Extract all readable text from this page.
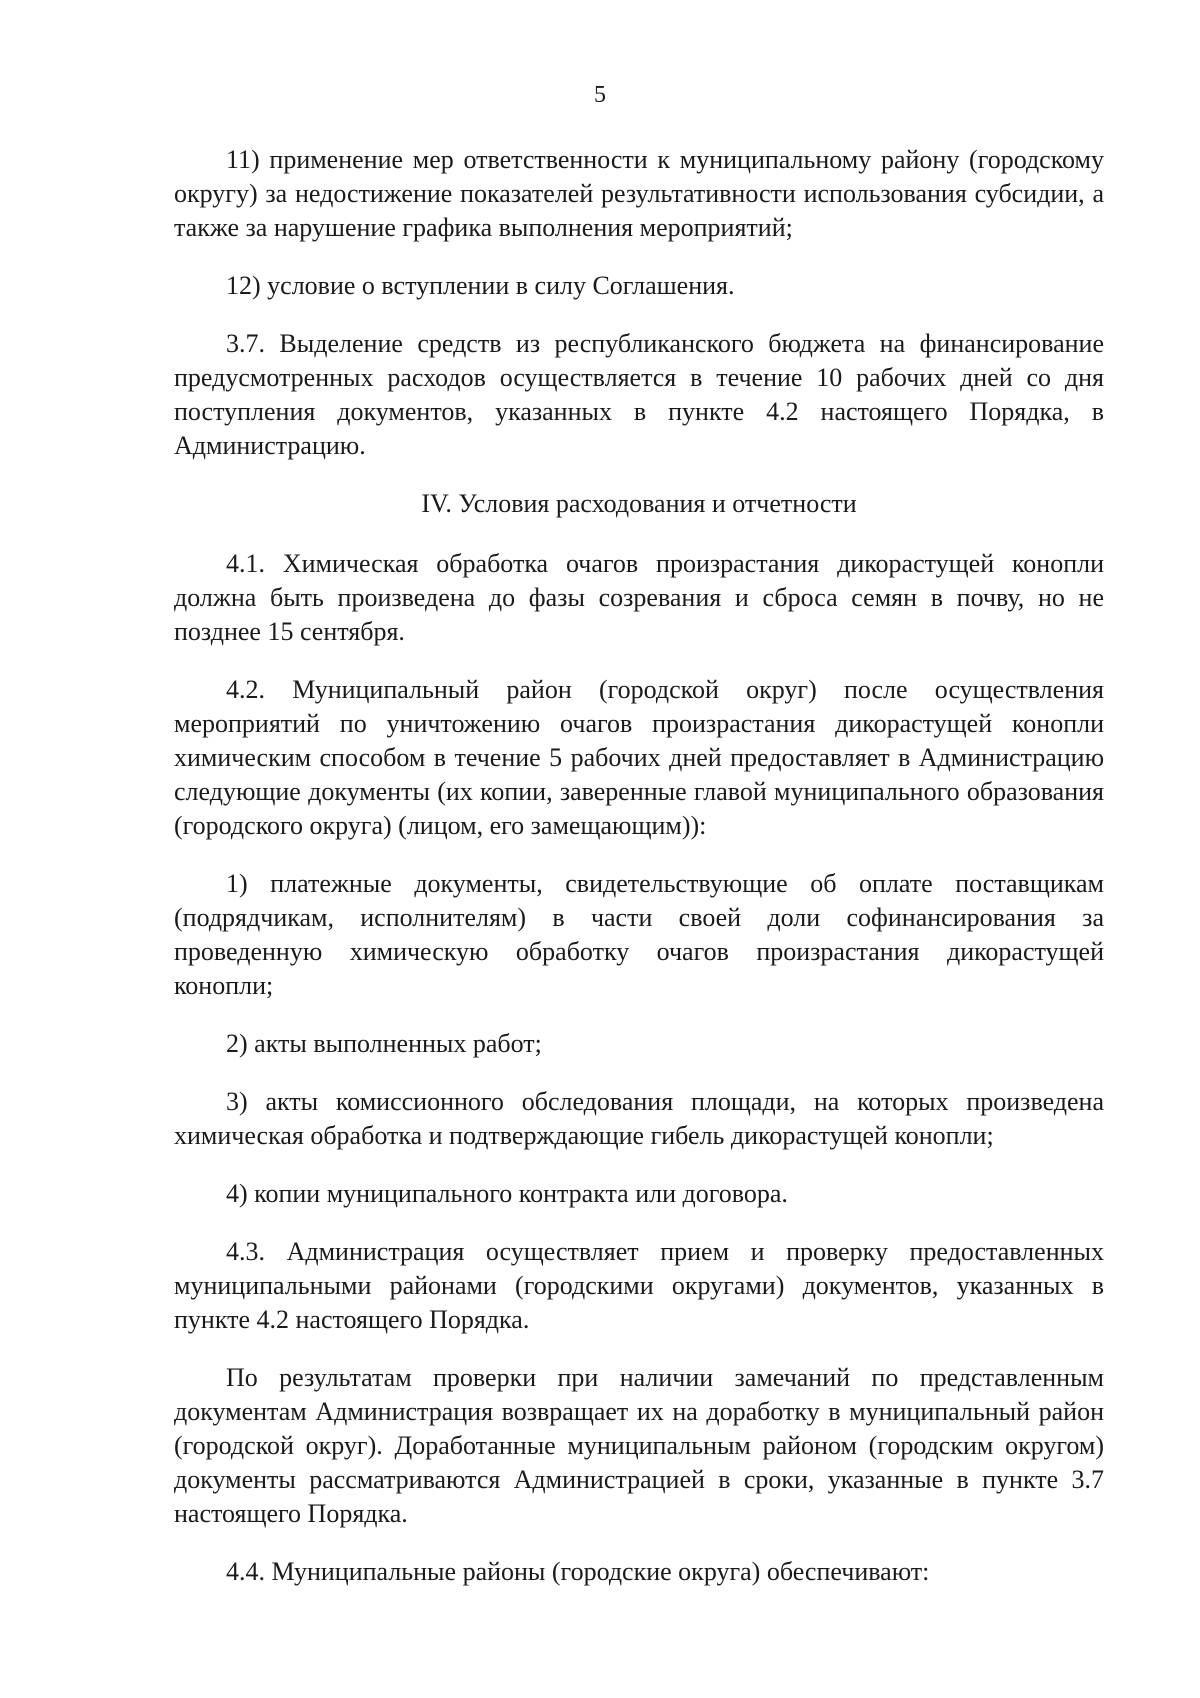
5

11) применение мер ответственности к муниципальному району (городскому округу) за недостижение показателей результативности использования субсидии, а также за нарушение графика выполнения мероприятий;

12) условие о вступлении в силу Соглашения.

3.7. Выделение средств из республиканского бюджета на финансирование предусмотренных расходов осуществляется в течение 10 рабочих дней со дня поступления документов, указанных в пункте 4.2 настоящего Порядка, в Администрацию.

IV. Условия расходования и отчетности

4.1. Химическая обработка очагов произрастания дикорастущей конопли должна быть произведена до фазы созревания и сброса семян в почву, но не позднее 15 сентября.

4.2. Муниципальный район (городской округ) после осуществления мероприятий по уничтожению очагов произрастания дикорастущей конопли химическим способом в течение 5 рабочих дней предоставляет в Администрацию следующие документы (их копии, заверенные главой муниципального образования (городского округа) (лицом, его замещающим)):

1) платежные документы, свидетельствующие об оплате поставщикам (подрядчикам, исполнителям) в части своей доли софинансирования за проведенную химическую обработку очагов произрастания дикорастущей конопли;

2) акты выполненных работ;

3) акты комиссионного обследования площади, на которых произведена химическая обработка и подтверждающие гибель дикорастущей конопли;

4) копии муниципального контракта или договора.

4.3. Администрация осуществляет прием и проверку предоставленных муниципальными районами (городскими округами) документов, указанных в пункте 4.2 настоящего Порядка.

По результатам проверки при наличии замечаний по представленным документам Администрация возвращает их на доработку в муниципальный район (городской округ). Доработанные муниципальным районом (городским округом) документы рассматриваются Администрацией в сроки, указанные в пункте 3.7 настоящего Порядка.

4.4. Муниципальные районы (городские округа) обеспечивают:
